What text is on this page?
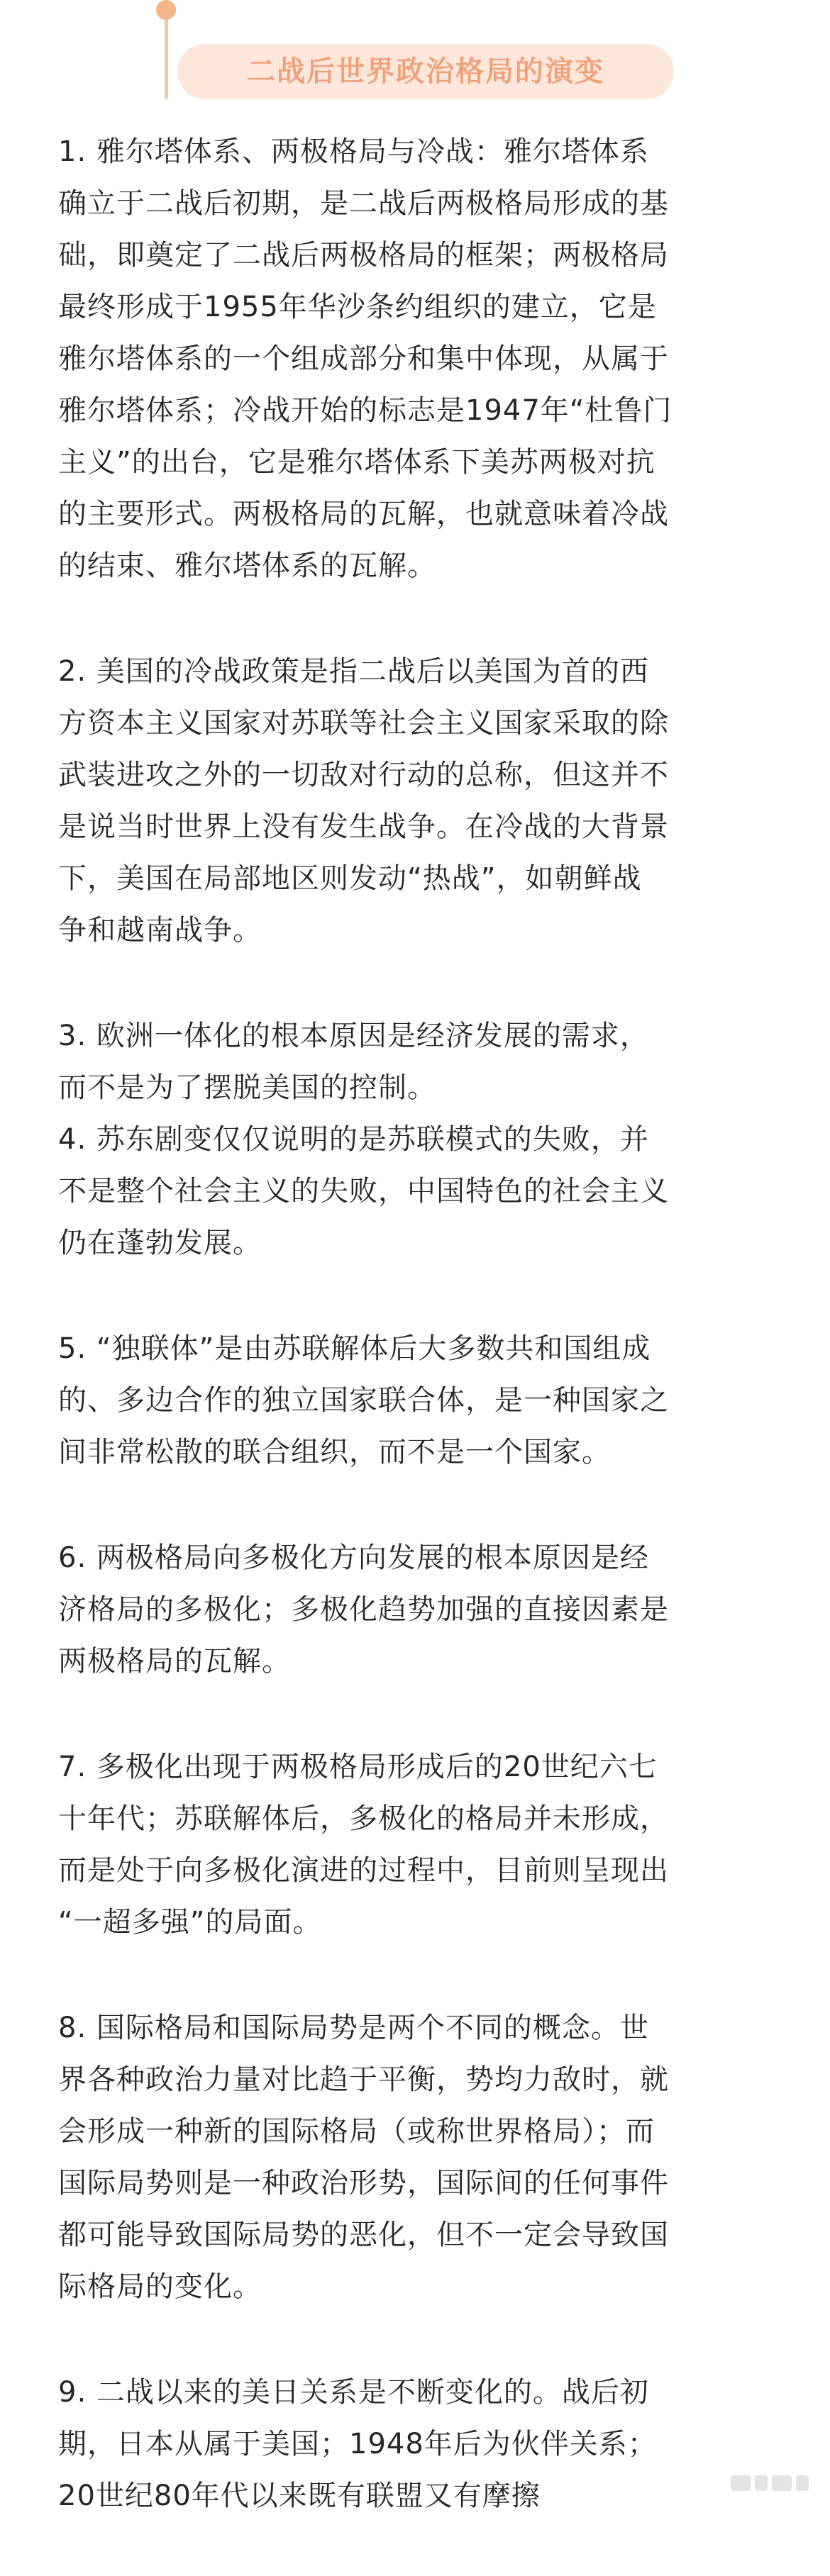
二战后世界政治格局的演变

1. 雅尔塔体系、两极格局与冷战：雅尔塔体系
确立于二战后初期，是二战后两极格局形成的基
础，即奠定了二战后两极格局的框架；两极格局
最终形成于1955年华沙条约组织的建立，它是
雅尔塔体系的一个组成部分和集中体现，从属于
雅尔塔体系；冷战开始的标志是1947年“杜鲁门
主义”的出台，它是雅尔塔体系下美苏两极对抗
的主要形式。两极格局的瓦解，也就意味着冷战
的结束、雅尔塔体系的瓦解。

2. 美国的冷战政策是指二战后以美国为首的西
方资本主义国家对苏联等社会主义国家采取的除
武装进攻之外的一切敌对行动的总称，但这并不
是说当时世界上没有发生战争。在冷战的大背景
下，美国在局部地区则发动“热战”，如朝鲜战
争和越南战争。

3. 欧洲一体化的根本原因是经济发展的需求，
而不是为了摆脱美国的控制。

4. 苏东剧变仅仅说明的是苏联模式的失败，并
不是整个社会主义的失败，中国特色的社会主义
仍在蓬勃发展。

5. “独联体”是由苏联解体后大多数共和国组成
的、多边合作的独立国家联合体，是一种国家之
间非常松散的联合组织，而不是一个国家。

6. 两极格局向多极化方向发展的根本原因是经
济格局的多极化；多极化趋势加强的直接因素是
两极格局的瓦解。

7. 多极化出现于两极格局形成后的20世纪六七
十年代；苏联解体后，多极化的格局并未形成，
而是处于向多极化演进的过程中，目前则呈现出
“一超多强”的局面。

8. 国际格局和国际局势是两个不同的概念。世
界各种政治力量对比趋于平衡，势均力敌时，就
会形成一种新的国际格局（或称世界格局）；而
国际局势则是一种政治形势，国际间的任何事件
都可能导致国际局势的恶化，但不一定会导致国
际格局的变化。

9. 二战以来的美日关系是不断变化的。战后初
期，日本从属于美国；1948年后为伙伴关系；
20世纪80年代以来既有联盟又有摩擦
